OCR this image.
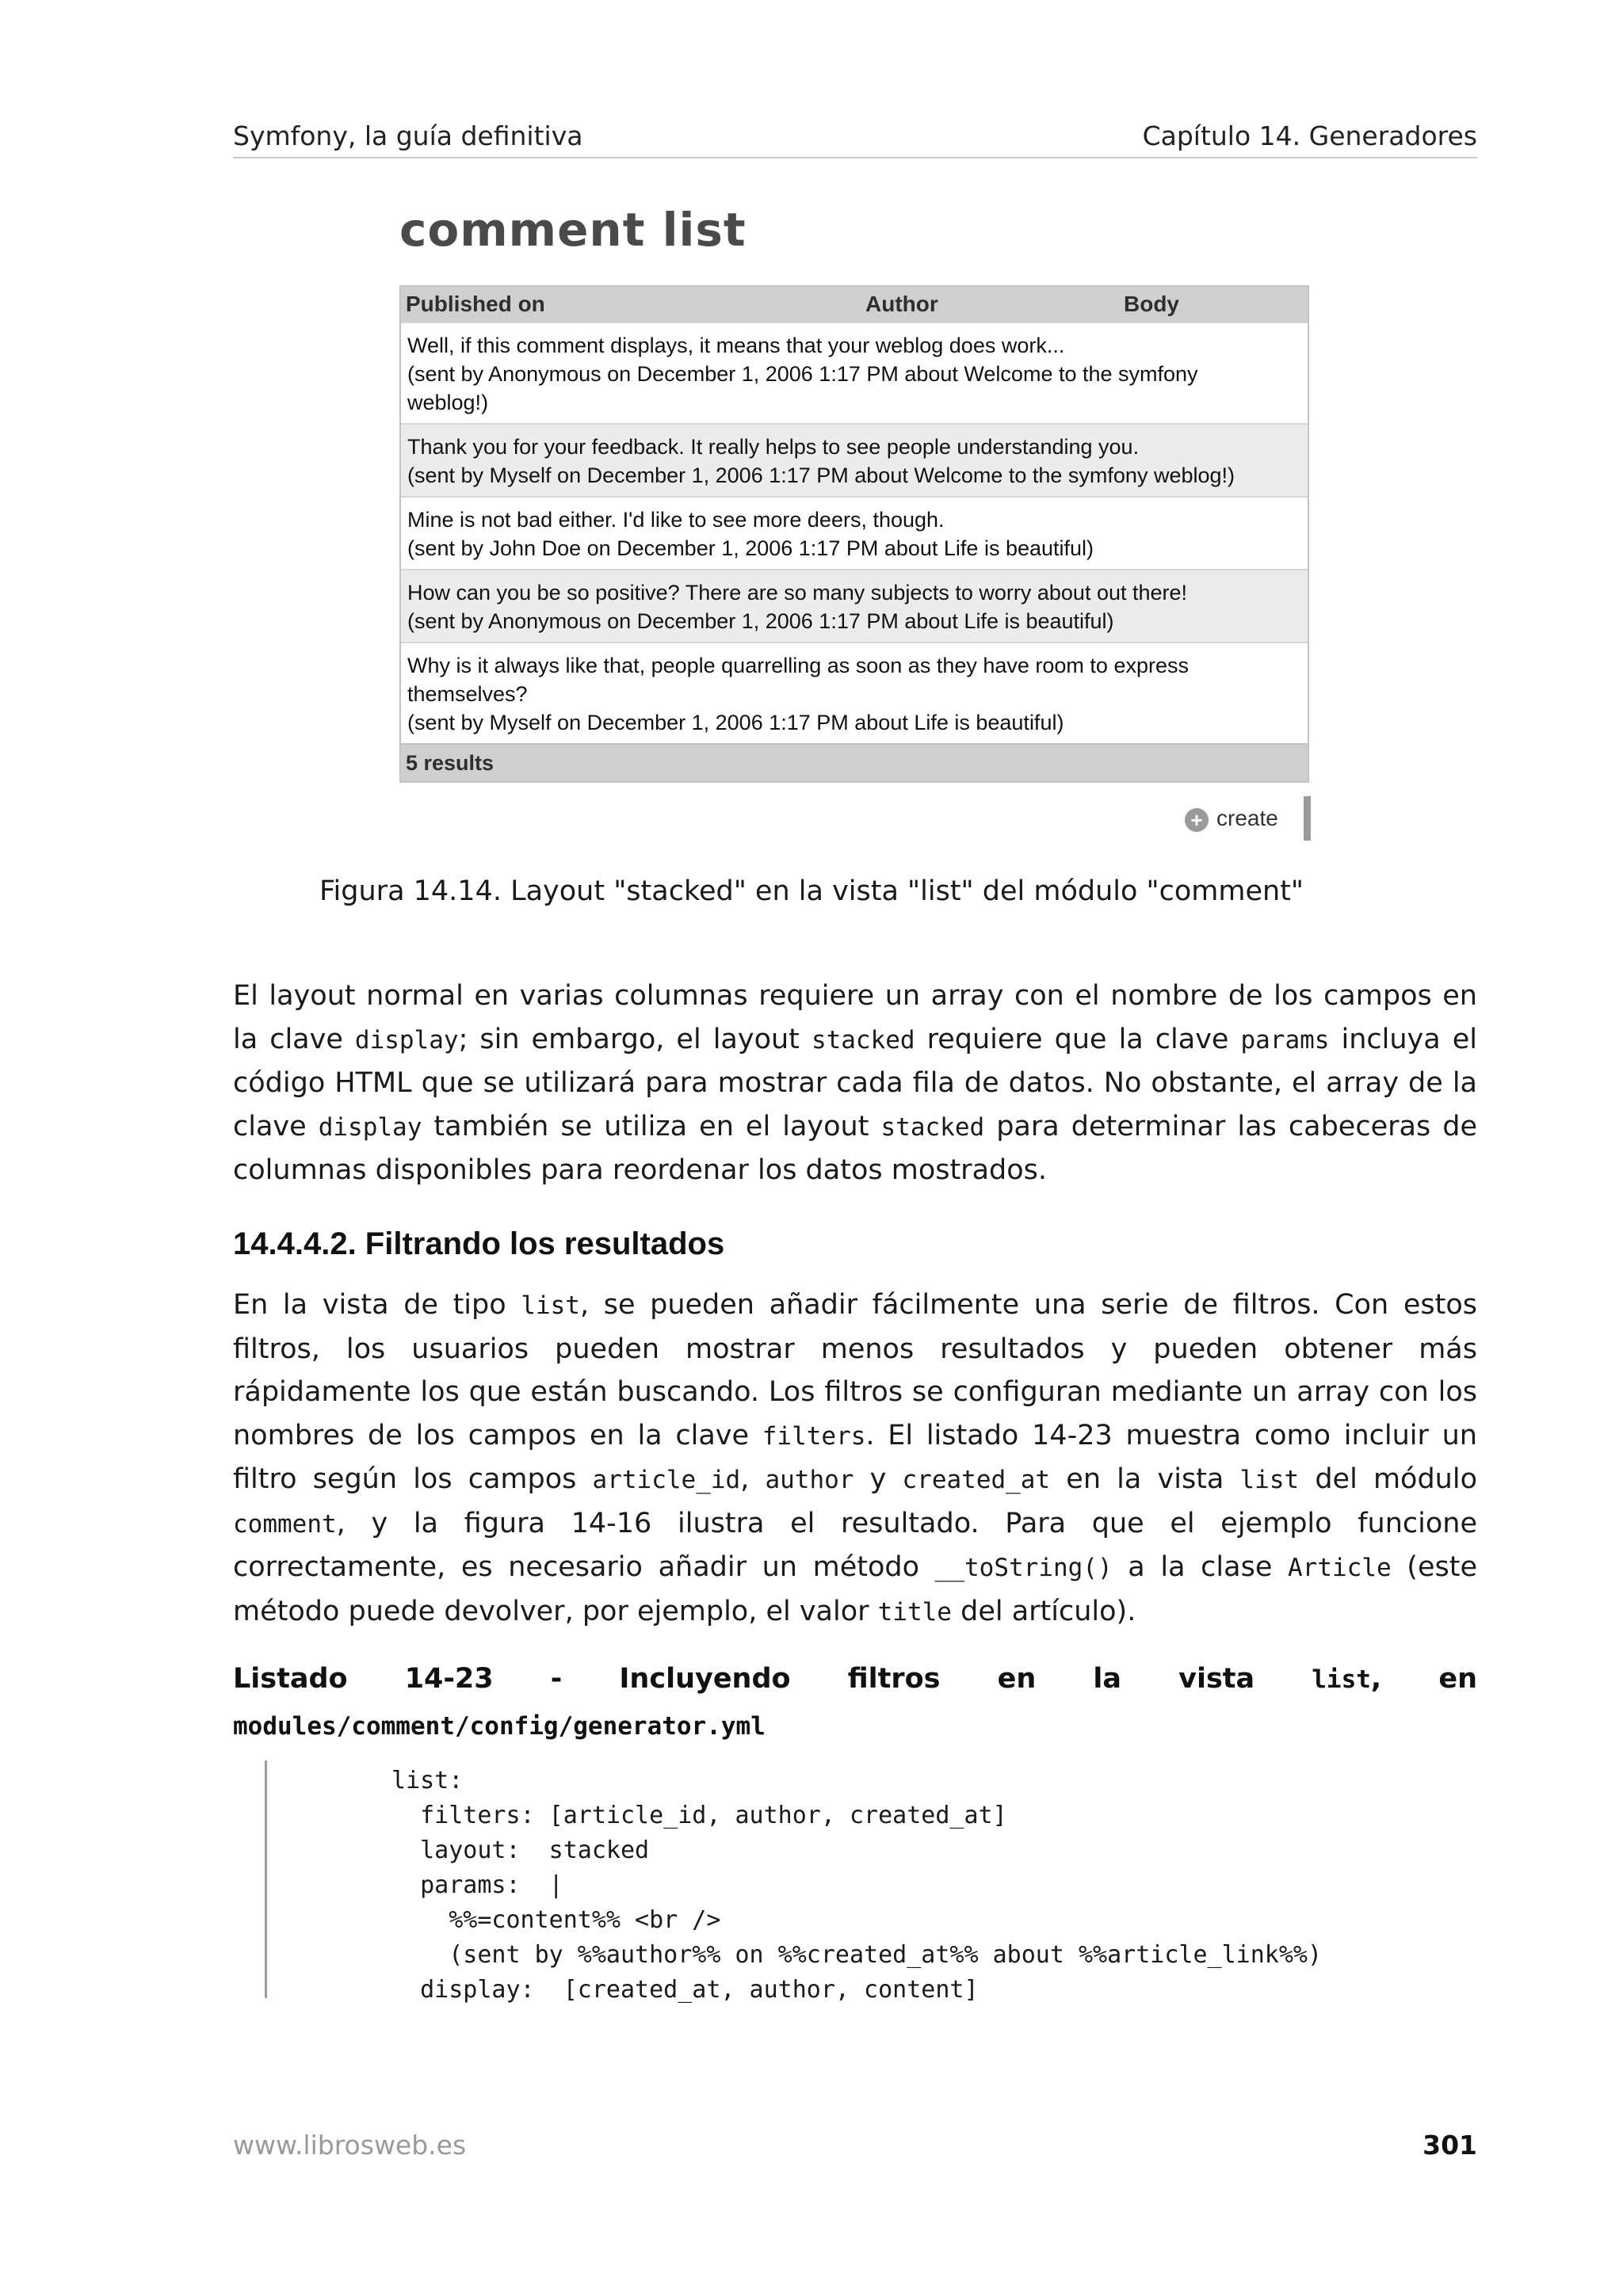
Symfony, la guía definitiva	Capítulo 14. Generadores
comment list
Published on	Author	Body
Well, if this comment displays, it means that your weblog does work...
(sent by Anonymous on December 1, 2006 1:17 PM about Welcome to the symfony
weblog!)
Thank you for your feedback. It really helps to see people understanding you.
(sent by Myself on December 1, 2006 1:17 PM about Welcome to the symfony weblog!)
Mine is not bad either. I'd like to see more deers, though.
(sent by John Doe on December 1, 2006 1:17 PM about Life is beautiful)
How can you be so positive? There are so many subjects to worry about out there!
(sent by Anonymous on December 1, 2006 1:17 PM about Life is beautiful)
Why is it always like that, people quarrelling as soon as they have room to express
themselves?
(sent by Myself on December 1, 2006 1:17 PM about Life is beautiful)
5 results
+ create
Figura 14.14. Layout "stacked" en la vista "list" del módulo "comment"
El layout normal en varias columnas requiere un array con el nombre de los campos en la clave display; sin embargo, el layout stacked requiere que la clave params incluya el código HTML que se utilizará para mostrar cada fila de datos. No obstante, el array de la clave display también se utiliza en el layout stacked para determinar las cabeceras de columnas disponibles para reordenar los datos mostrados.
14.4.4.2. Filtrando los resultados
En la vista de tipo list, se pueden añadir fácilmente una serie de filtros. Con estos filtros, los usuarios pueden mostrar menos resultados y pueden obtener más rápidamente los que están buscando. Los filtros se configuran mediante un array con los nombres de los campos en la clave filters. El listado 14-23 muestra como incluir un filtro según los campos article_id, author y created_at en la vista list del módulo comment, y la figura 14-16 ilustra el resultado. Para que el ejemplo funcione correctamente, es necesario añadir un método __toString() a la clase Article (este método puede devolver, por ejemplo, el valor title del artículo).
Listado 14-23 - Incluyendo filtros en la vista list, en modules/comment/config/generator.yml
list:
filters: [article_id, author, created_at]
layout:  stacked
params:  |
%%=content%% <br />
(sent by %%author%% on %%created_at%% about %%article_link%%)
display:  [created_at, author, content]
www.librosweb.es	301
